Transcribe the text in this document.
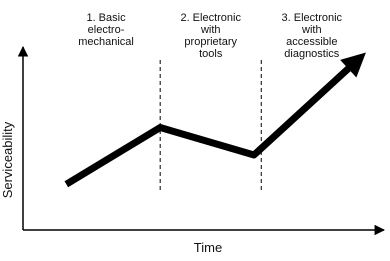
Serviceability
Time
1. Basic electro-mechanical
2. Electronic with proprietary tools
3. Electronic with accessible diagnostics
